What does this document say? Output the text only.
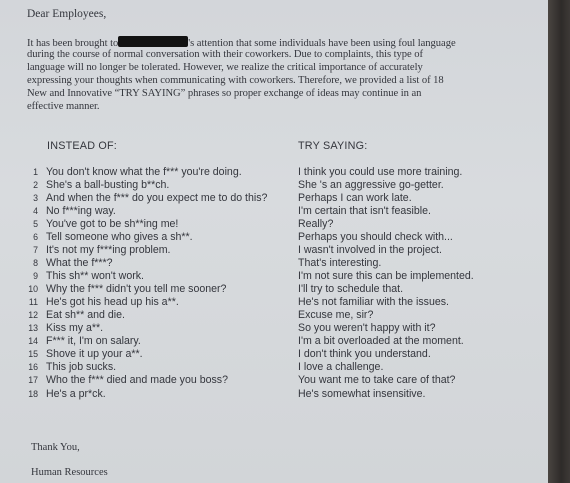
Dear Employees,
It has been brought to	's attention that some individuals have been using foul language
during the course of normal conversation with their coworkers. Due to complaints, this type of
language will no longer be tolerated. However, we realize the critical importance of accurately
expressing your thoughts when communicating with coworkers. Therefore, we provided a list of 18
New and Innovative “TRY SAYING” phrases so proper exchange of ideas may continue in an
effective manner.
INSTEAD OF:	TRY SAYING:
1 You don't know what the f*** you're doing.	I think you could use more training.
2 She's a ball-busting b**ch.	She 's an aggressive go-getter.
3 And when the f*** do you expect me to do this?	Perhaps I can work late.
4 No f***ing way.	I'm certain that isn't feasible.
5 You've got to be sh**ing me!	Really?
6 Tell someone who gives a sh**.	Perhaps you should check with...
7 It's not my f***ing problem.	I wasn't involved in the project.
8 What the f***?	That's interesting.
9 This sh** won't work.	I'm not sure this can be implemented.
10 Why the f*** didn't you tell me sooner?	I'll try to schedule that.
11 He's got his head up his a**.	He's not familiar with the issues.
12 Eat sh** and die.	Excuse me, sir?
13 Kiss my a**.	So you weren't happy with it?
14 F*** it, I'm on salary.	I'm a bit overloaded at the moment.
15 Shove it up your a**.	I don't think you understand.
16 This job sucks.	I love a challenge.
17 Who the f*** died and made you boss?	You want me to take care of that?
18 He's a pr*ck.	He's somewhat insensitive.
Thank You,
Human Resources
